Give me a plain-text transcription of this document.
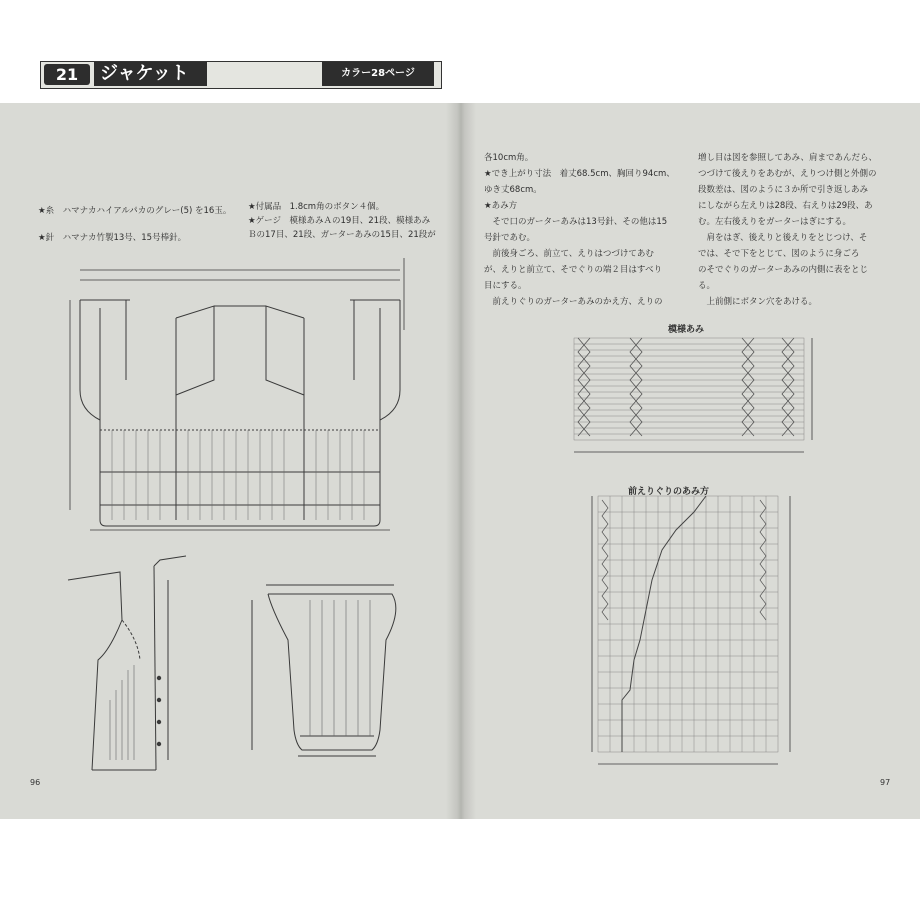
21	ジャケット	カラー28ページ
★糸　ハマナカハイアルパカのグレー(5) を16玉。
★針　ハマナカ竹製13号、15号棒針。
★付属品　1.8cm角のボタン４個。
★ゲージ　模様あみＡの19目、21段、模様あみ
Ｂの17目、21段、ガーターあみの15目、21段が
96

各10cm角。

★でき上がり寸法　着丈68.5cm、胸回り94cm、

ゆき丈68cm。

★あみ方

　そで口のガーターあみは13号針、その他は15

号針であむ。

　前後身ごろ、前立て、えりはつづけてあむ

が、えりと前立て、そでぐりの端２目はすべり

目にする。

　前えりぐりのガーターあみのかえ方、えりの

増し目は図を参照してあみ、肩まであんだら、

つづけて後えりをあむが、えりつけ側と外側の

段数差は、図のように３か所で引き返しあみ

にしながら左えりは28段、右えりは29段、あ

む。左右後えりをガーターはぎにする。

　肩をはぎ、後えりと後えりをとじつけ、そ

では、そで下をとじて、図のように身ごろ

のそでぐりのガーターあみの内側に表をとじ

る。

　上前側にボタン穴をあける。

模様あみ
前えりぐりのあみ方
97
